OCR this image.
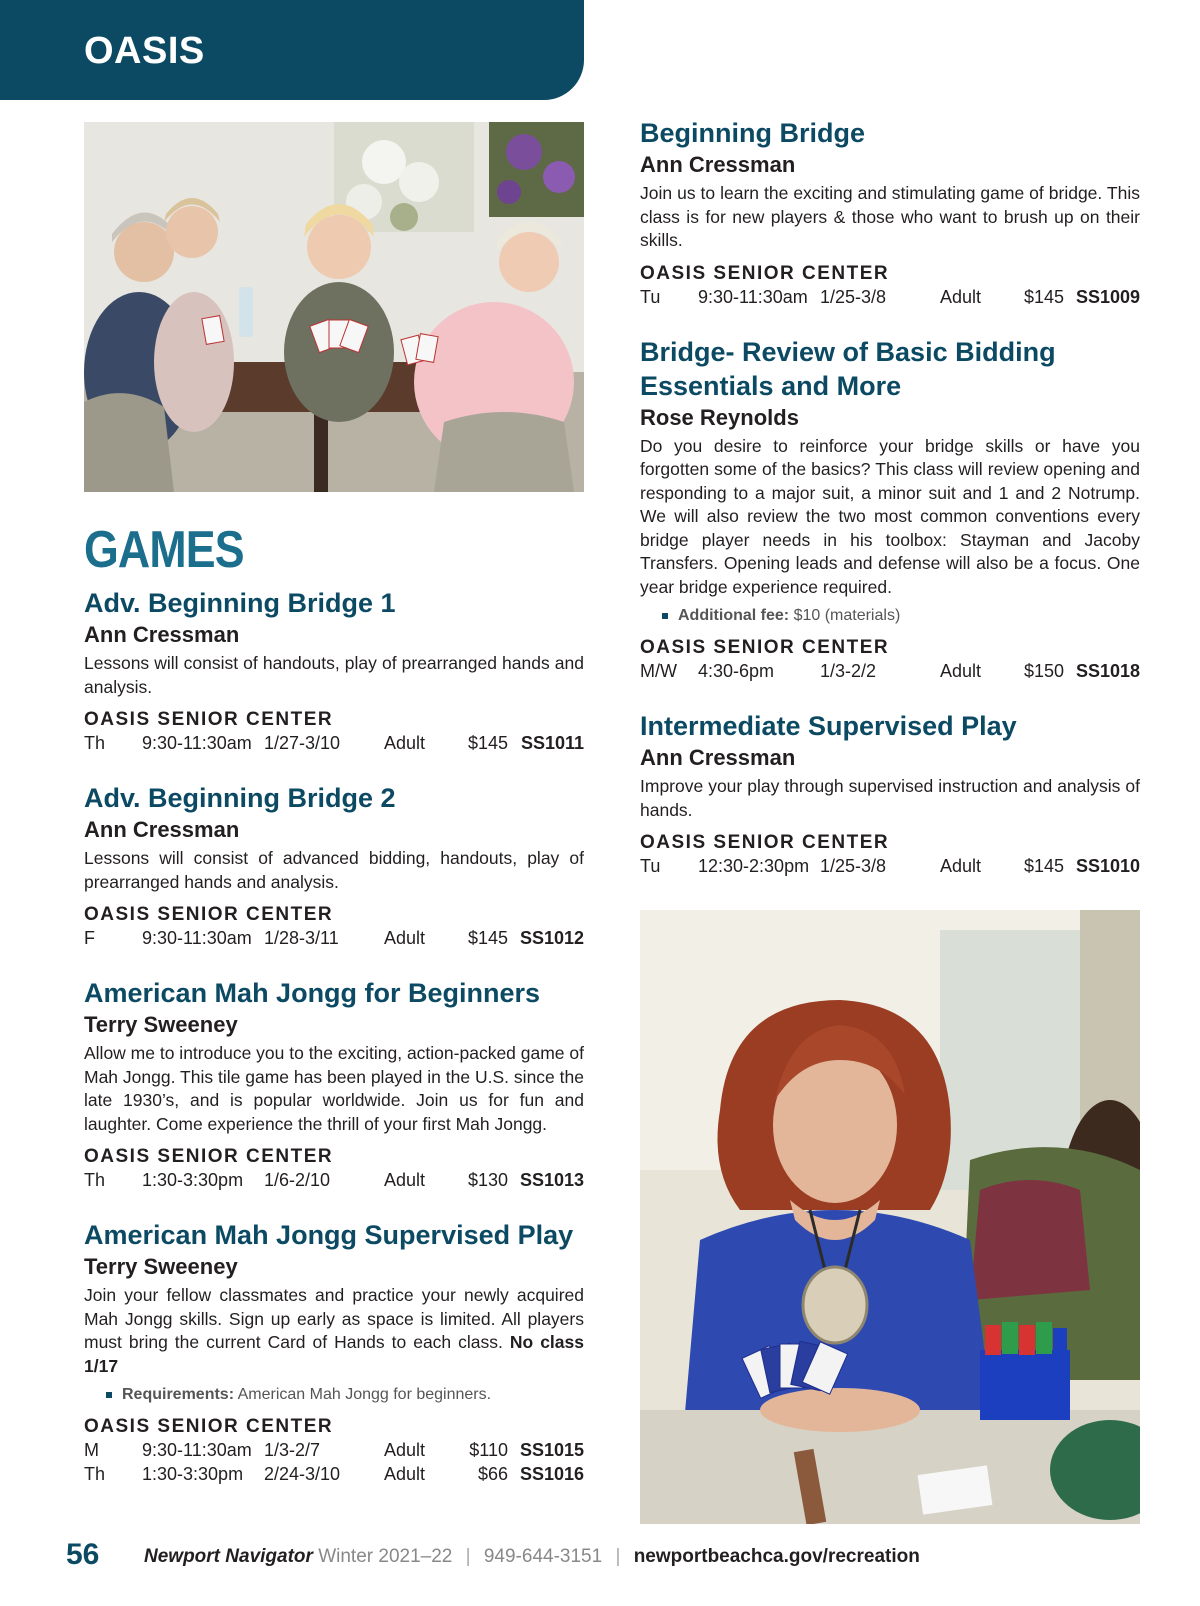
OASIS
GAMES
Adv. Beginning Bridge 1
Ann Cressman
Lessons will consist of handouts, play of prearranged hands and analysis.
OASIS SENIOR CENTER
Th 9:30-11:30am 1/27-3/10 Adult $145 SS1011
Adv. Beginning Bridge 2
Ann Cressman
Lessons will consist of advanced bidding, handouts, play of prearranged hands and analysis.
OASIS SENIOR CENTER
F	9:30-11:30am 1/28-3/11	Adult $145 SS1012
American Mah Jongg for Beginners
Terry Sweeney
Allow me to introduce you to the exciting, action-packed game of Mah Jongg. This tile game has been played in the U.S. since the late 1930’s, and is popular worldwide. Join us for fun and laughter. Come experience the thrill of your first Mah Jongg.
OASIS SENIOR CENTER
Th 1:30-3:30pm 1/6-2/10	Adult $130 SS1013
American Mah Jongg Supervised Play
Terry Sweeney
Join your fellow classmates and practice your newly acquired Mah Jongg skills. Sign up early as space is limited. All players must bring the current Card of Hands to each class. No class 1/17
Requirements: American Mah Jongg for beginners.
OASIS SENIOR CENTER
M 9:30-11:30am 1/3-2/7	Adult $110 SS1015
Th 1:30-3:30pm 2/24-3/10 Adult	$66 SS1016
Beginning Bridge
Ann Cressman
Join us to learn the exciting and stimulating game of bridge. This class is for new players & those who want to brush up on their skills.
OASIS SENIOR CENTER
Tu 9:30-11:30am 1/25-3/8	Adult $145 SS1009
Bridge- Review of Basic Bidding Essentials and More
Rose Reynolds
Do you desire to reinforce your bridge skills or have you forgotten some of the basics? This class will review opening and responding to a major suit, a minor suit and 1 and 2 Notrump. We will also review the two most common conventions every bridge player needs in his toolbox: Stayman and Jacoby Transfers. Opening leads and defense will also be a focus. One year bridge experience required.
Additional fee: $10 (materials)
OASIS SENIOR CENTER
M/W 4:30-6pm	1/3-2/2	Adult $150 SS1018
Intermediate Supervised Play
Ann Cressman
Improve your play through supervised instruction and analysis of hands.
OASIS SENIOR CENTER
Tu 12:30-2:30pm 1/25-3/8	Adult $145 SS1010
56 Newport Navigator Winter 2021–22 | 949-644-3151 | newportbeachca.gov/recreation
